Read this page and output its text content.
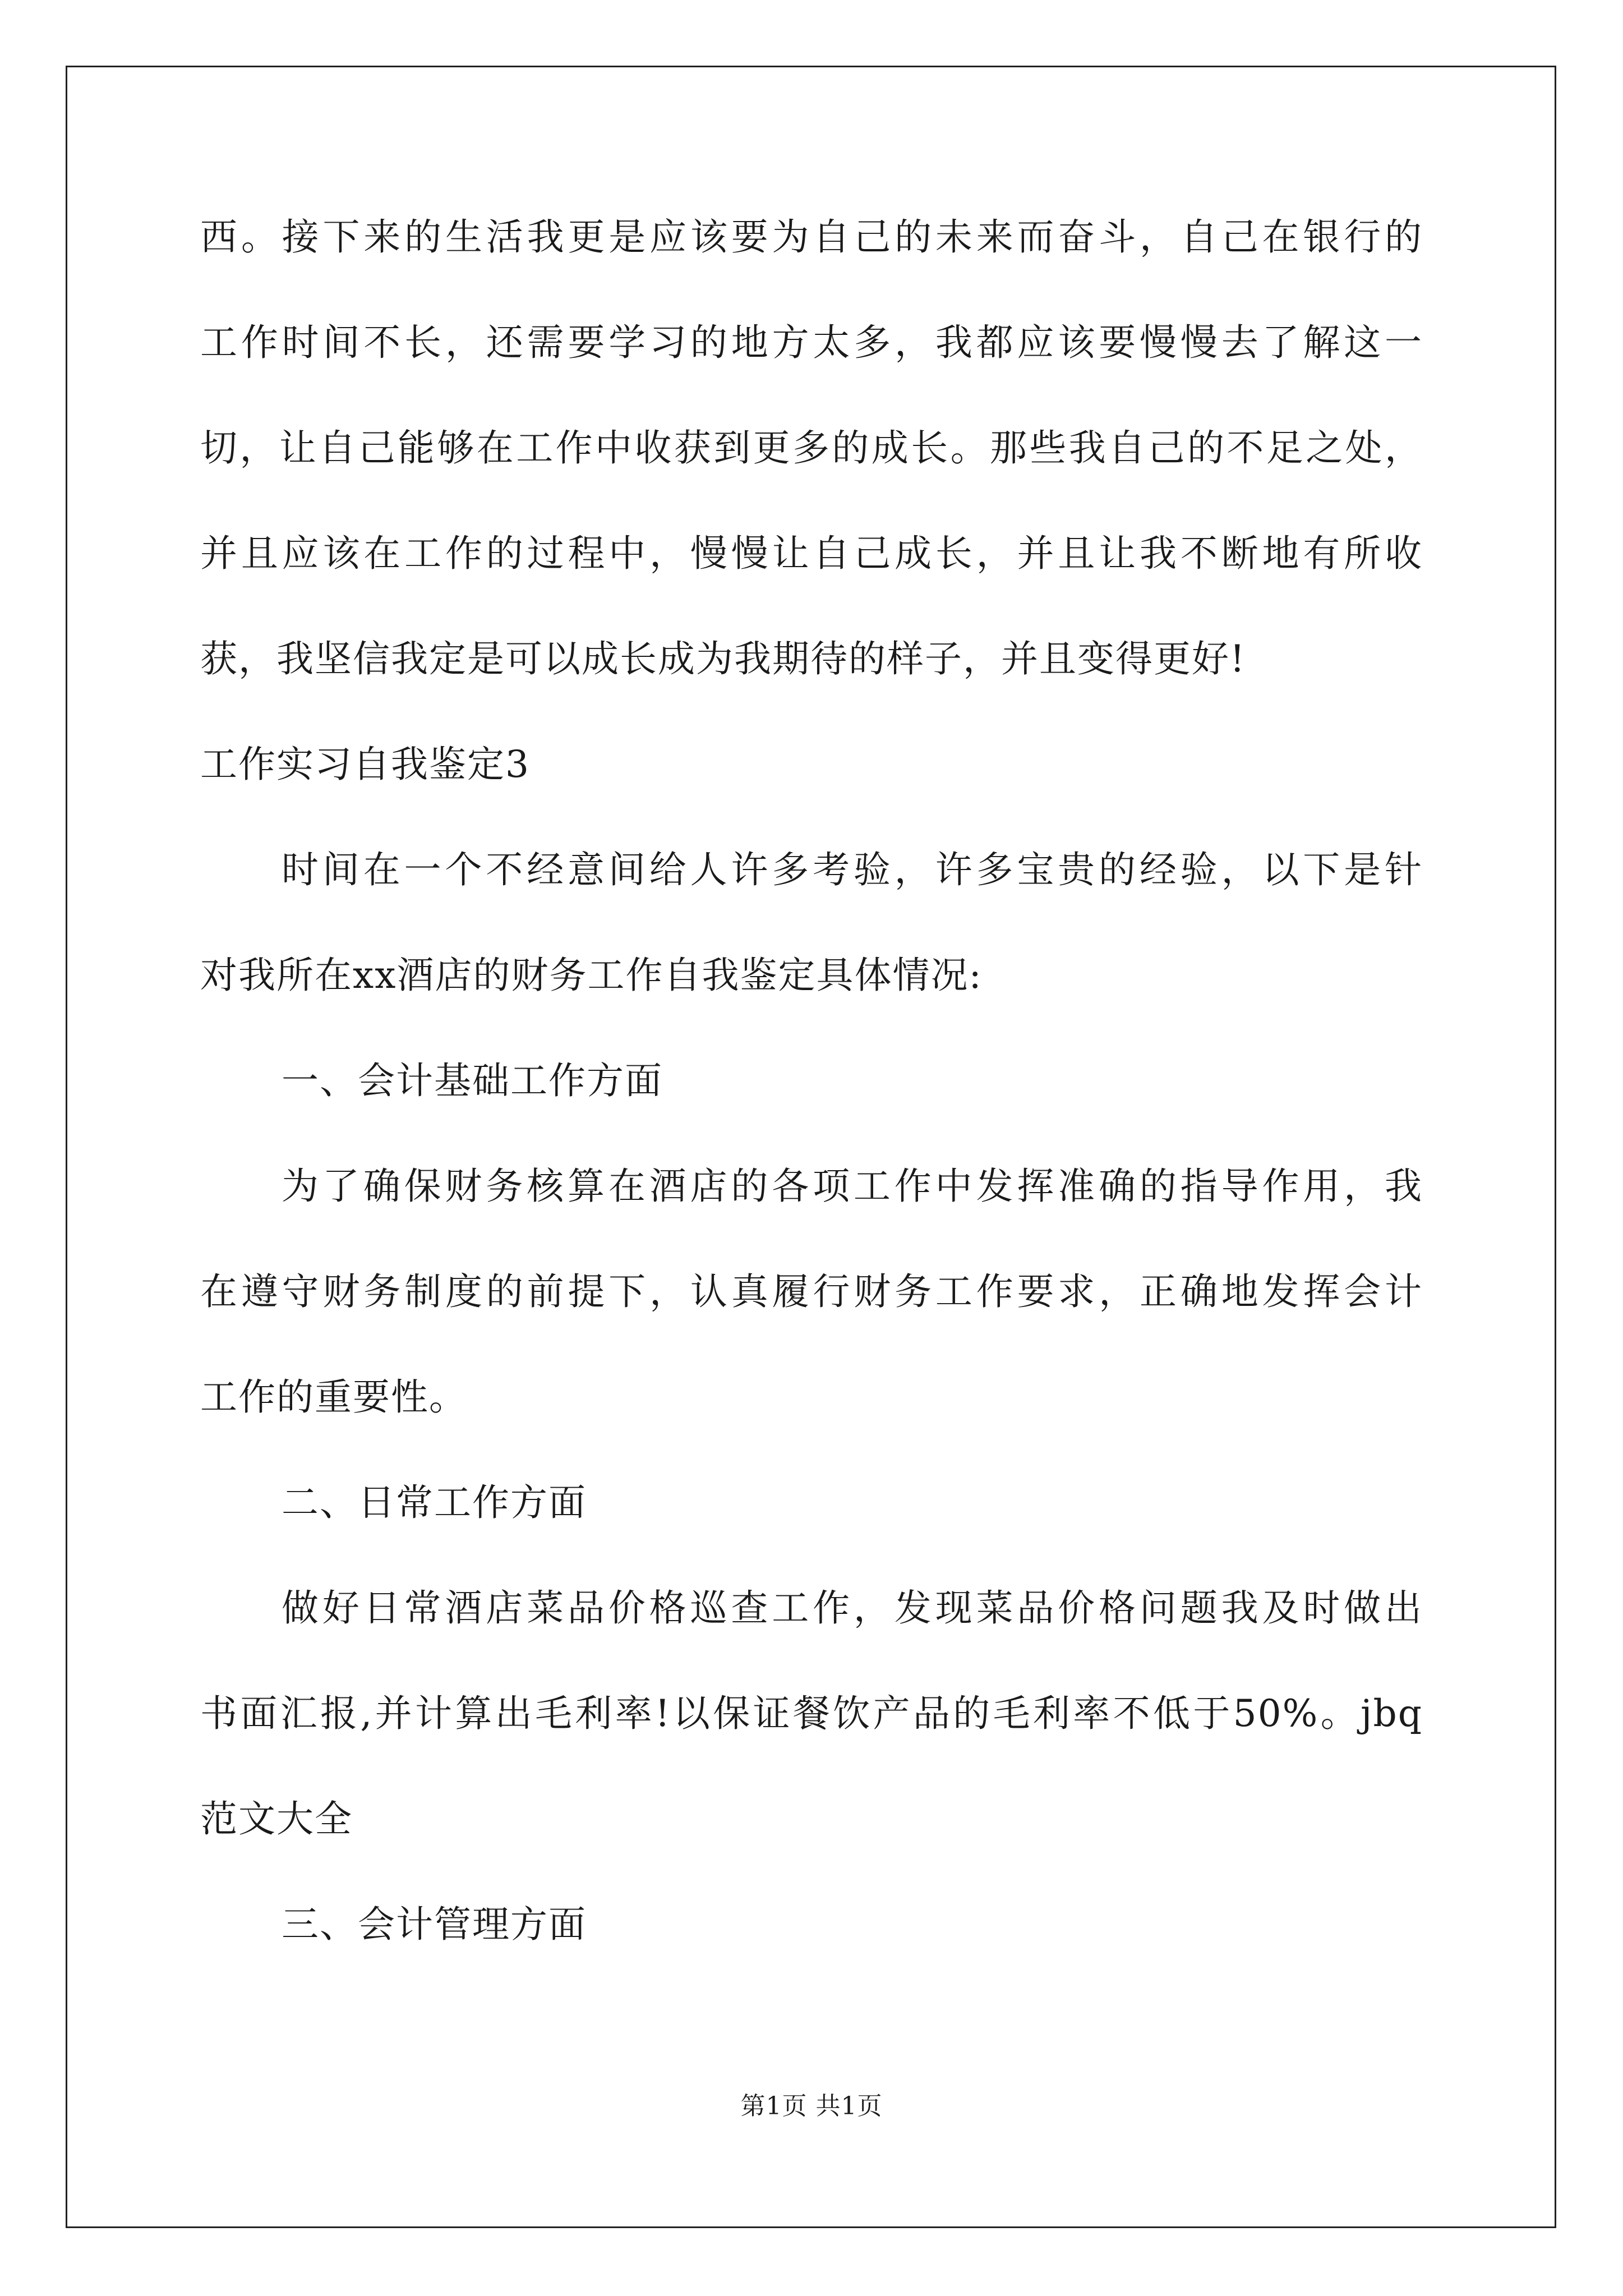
西。接下来的生活我更是应该要为自己的未来而奋斗，自己在银行的
工作时间不长，还需要学习的地方太多，我都应该要慢慢去了解这一
切，让自己能够在工作中收获到更多的成长。那些我自己的不足之处，
并且应该在工作的过程中，慢慢让自己成长，并且让我不断地有所收
获，我坚信我定是可以成长成为我期待的样子，并且变得更好!
工作实习自我鉴定3
时间在一个不经意间给人许多考验，许多宝贵的经验，以下是针
对我所在xx酒店的财务工作自我鉴定具体情况:
一、会计基础工作方面
为了确保财务核算在酒店的各项工作中发挥准确的指导作用，我
在遵守财务制度的前提下，认真履行财务工作要求，正确地发挥会计
工作的重要性。
二、日常工作方面
做好日常酒店菜品价格巡查工作，发现菜品价格问题我及时做出
书面汇报,并计算出毛利率!以保证餐饮产品的毛利率不低于50%。jbq
范文大全
三、会计管理方面
第1页 共1页
